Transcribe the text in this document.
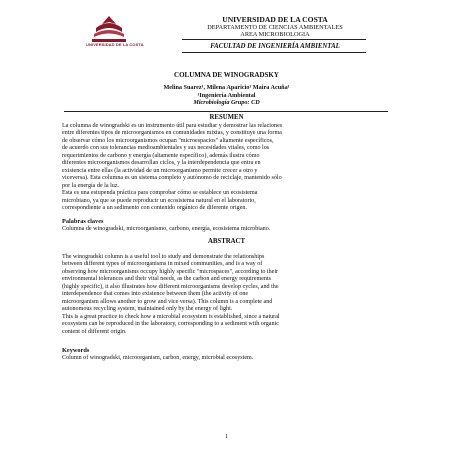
UNIVERSIDAD DE LA COSTA
UNIVERSIDAD DE LA COSTA
DEPARTAMENTO DE CIENCIAS AMBIENTALES
AREA MICROBIOLOGIA
FACULTAD DE INGENIERÍA AMBIENTAL
COLUMNA DE WINOGRADSKY
Melina Suarez¹, Milena Aparicio¹ Maira Acuña¹
¹Ingeniería Ambiental
Microbiología Grupo: CD
RESUMEN
La columna de winogradski es un instrumento útil para estudiar y demostrar las relaciones
entre diferentes tipos de microorganismos en comunidades mixtas, y constituye una forma
de observar cómo los microorganismos ocupan "microespacios" altamente específicos,
de acuerdo con sus tolerancias medioambientales y sus necesidades vitales, como los
requerimientos de carbono y energía (altamente específico), además ilustra cómo
diferentes microorganismos desarrollan ciclos, y la interdependencia que entra en
existencia entre ellas (la actividad de un microorganismo permite crecer a otro y
viceversa). Esta columna es un sistema completo y autónomo de reciclaje, mantenido sólo
por la energía de la luz.
Esta es una estupenda práctica para comprobar cómo se establece un ecosistema
microbiano, ya que se puede reproducir un ecosistema natural en el laboratorio,
correspondiente a un sedimento con contenido orgánico de diferente origen.
Palabras claves
Columna de winogradski, microorganismo, carbono, energía, ecosistema microbiano.
ABSTRACT
The winogradski column is a useful tool to study and demonstrate the relationships
between different types of microorganisms in mixed communities, and is a way of
observing how microorganisms occupy highly specific "microspaces", according to their
environmental tolerances and their vital needs, as the carbon and energy requirements
(highly specific), it also illustrates how different microorganisms develop cycles, and the
interdependence that comes into existence between them (the activity of one
microorganism allows another to grow and vice versa). This column is a complete and
autonomous recycling system, maintained only by the energy of light.
This is a great practice to check how a microbial ecosystem is established, since a natural
ecosystem can be reproduced in the laboratory, corresponding to a sediment with organic
content of different origin.
Keywords
Column of winogradski, microorganism, carbon, energy, microbial ecosystem.
1
